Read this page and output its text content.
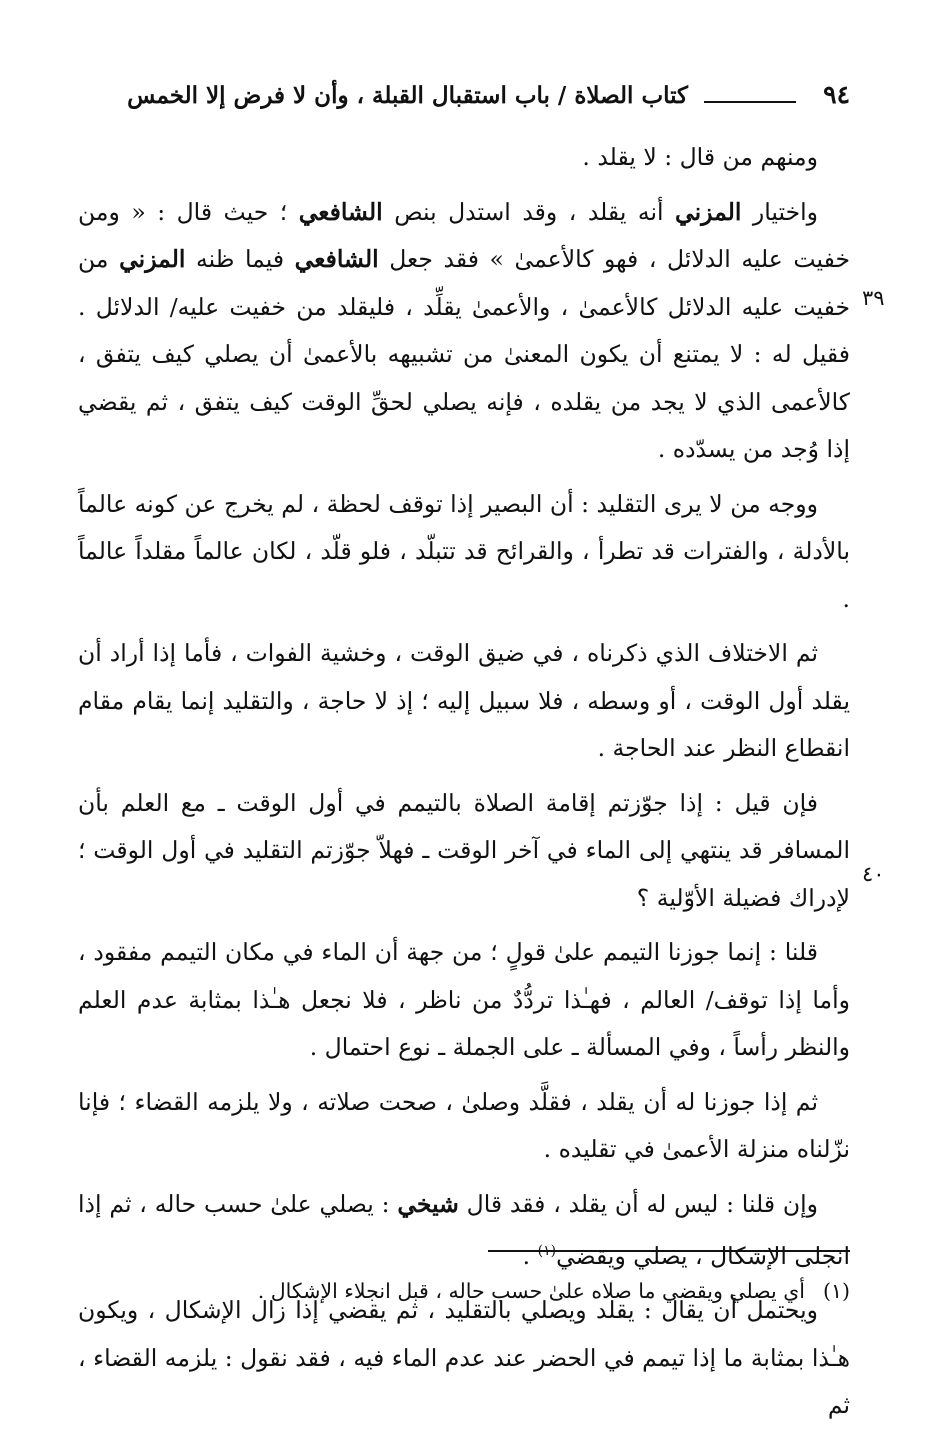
٩٤
كتاب الصلاة / باب استقبال القبلة ، وأن لا فرض إلا الخمس
٣٩
٤٠

ومنهم من قال : لا يقلد .

واختيار المزني أنه يقلد ، وقد استدل بنص الشافعي ؛ حيث قال : « ومن خفيت عليه الدلائل ، فهو كالأعمىٰ » فقد جعل الشافعي فيما ظنه المزني من خفيت عليه الدلائل كالأعمىٰ ، والأعمىٰ يقلِّد ، فليقلد من خفيت عليه/ الدلائل . فقيل له : لا يمتنع أن يكون المعنىٰ من تشبيهه بالأعمىٰ أن يصلي كيف يتفق ، كالأعمى الذي لا يجد من يقلده ، فإنه يصلي لحقِّ الوقت كيف يتفق ، ثم يقضي إذا وُجد من يسدّده .

ووجه من لا يرى التقليد : أن البصير إذا توقف لحظة ، لم يخرج عن كونه عالماً بالأدلة ، والفترات قد تطرأ ، والقرائح قد تتبلّد ، فلو قلّد ، لكان عالماً مقلداً عالماً .

ثم الاختلاف الذي ذكرناه ، في ضيق الوقت ، وخشية الفوات ، فأما إذا أراد أن يقلد أول الوقت ، أو وسطه ، فلا سبيل إليه ؛ إذ لا حاجة ، والتقليد إنما يقام مقام انقطاع النظر عند الحاجة .

فإن قيل : إذا جوّزتم إقامة الصلاة بالتيمم في أول الوقت ـ مع العلم بأن المسافر قد ينتهي إلى الماء في آخر الوقت ـ فهلاّ جوّزتم التقليد في أول الوقت ؛ لإدراك فضيلة الأوّلية ؟

قلنا : إنما جوزنا التيمم علىٰ قولٍ ؛ من جهة أن الماء في مكان التيمم مفقود ، وأما إذا توقف/ العالم ، فهـٰذا تردُّدٌ من ناظر ، فلا نجعل هـٰذا بمثابة عدم العلم والنظر رأساً ، وفي المسألة ـ على الجملة ـ نوع احتمال .

ثم إذا جوزنا له أن يقلد ، فقلَّد وصلىٰ ، صحت صلاته ، ولا يلزمه القضاء ؛ فإنا نزّلناه منزلة الأعمىٰ في تقليده .

وإن قلنا : ليس له أن يقلد ، فقد قال شيخي : يصلي علىٰ حسب حاله ، ثم إذا انجلى الإشكال ، يصلي ويقضي$^{(١)}$ .

ويحتمل أن يقال : يقلد ويصلي بالتقليد ، ثم يقضي إذا زال الإشكال ، ويكون هـٰذا بمثابة ما إذا تيمم في الحضر عند عدم الماء فيه ، فقد نقول : يلزمه القضاء ، ثم

(١)أي يصلي ويقضي ما صلاه علىٰ حسب حاله ، قبل انجلاء الإشكال .
